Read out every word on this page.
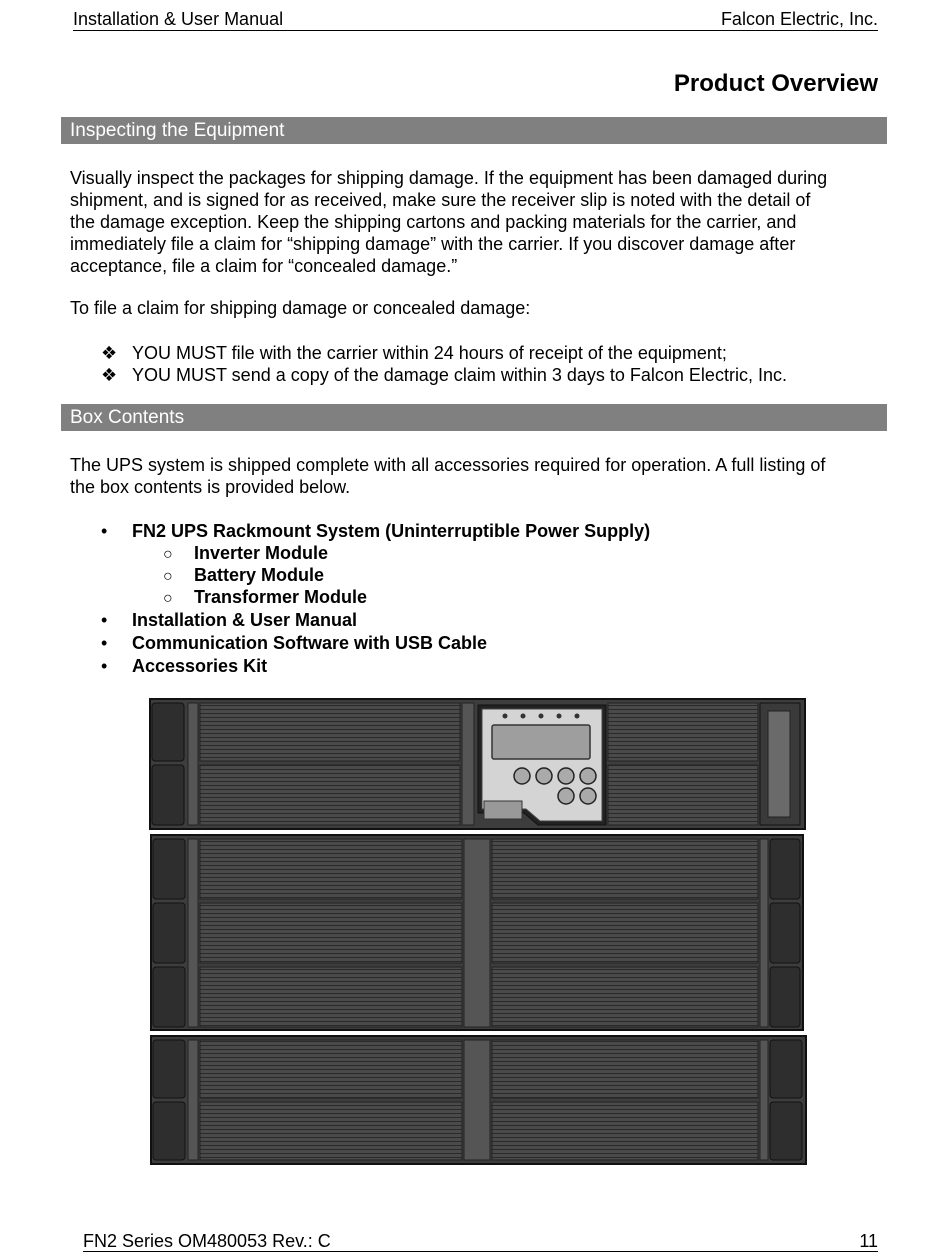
Installation & User Manual	Falcon Electric, Inc.
Product Overview
Inspecting the Equipment
Visually inspect the packages for shipping damage. If the equipment has been damaged during
shipment, and is signed for as received, make sure the receiver slip is noted with the detail of
the damage exception. Keep the shipping cartons and packing materials for the carrier, and
immediately file a claim for “shipping damage” with the carrier. If you discover damage after
acceptance, file a claim for “concealed damage.”
To file a claim for shipping damage or concealed damage:
❖ YOU MUST file with the carrier within 24 hours of receipt of the equipment;
❖ YOU MUST send a copy of the damage claim within 3 days to Falcon Electric, Inc.
Box Contents
The UPS system is shipped complete with all accessories required for operation. A full listing of
the box contents is provided below.
• FN2 UPS Rackmount System (Uninterruptible Power Supply)
○ Inverter Module
○ Battery Module
○ Transformer Module
• Installation & User Manual
• Communication Software with USB Cable
• Accessories Kit
FN2 Series OM480053 Rev.: C	11
